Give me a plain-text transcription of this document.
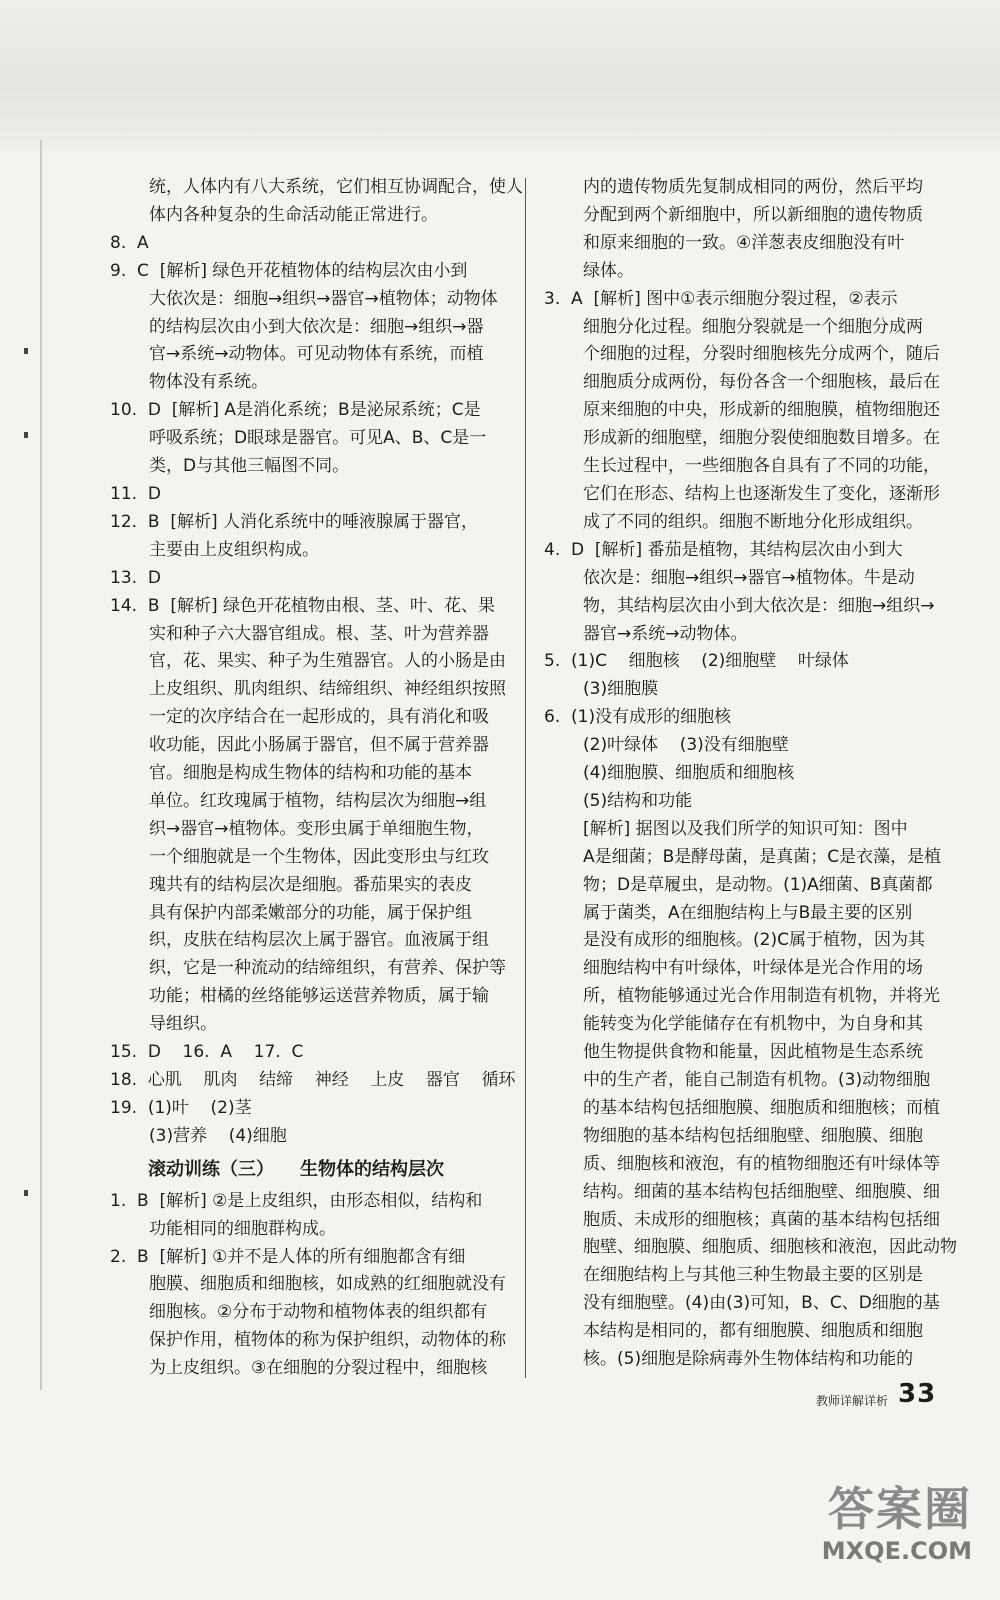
统，人体内有八大系统，它们相互协调配合，使人
体内各种复杂的生命活动能正常进行。
8.  A
9.  C  [解析] 绿色开花植物体的结构层次由小到
大依次是：细胞→组织→器官→植物体；动物体
的结构层次由小到大依次是：细胞→组织→器
官→系统→动物体。可见动物体有系统，而植
物体没有系统。
10.  D  [解析] A是消化系统；B是泌尿系统；C是
呼吸系统；D眼球是器官。可见A、B、C是一
类，D与其他三幅图不同。
11.  D
12.  B  [解析] 人消化系统中的唾液腺属于器官，
主要由上皮组织构成。
13.  D
14.  B  [解析] 绿色开花植物由根、茎、叶、花、果
实和种子六大器官组成。根、茎、叶为营养器
官，花、果实、种子为生殖器官。人的小肠是由
上皮组织、肌肉组织、结缔组织、神经组织按照
一定的次序结合在一起形成的，具有消化和吸
收功能，因此小肠属于器官，但不属于营养器
官。细胞是构成生物体的结构和功能的基本
单位。红玫瑰属于植物，结构层次为细胞→组
织→器官→植物体。变形虫属于单细胞生物，
一个细胞就是一个生物体，因此变形虫与红玫
瑰共有的结构层次是细胞。番茄果实的表皮
具有保护内部柔嫩部分的功能，属于保护组
织，皮肤在结构层次上属于器官。血液属于组
织，它是一种流动的结缔组织，有营养、保护等
功能；柑橘的丝络能够运送营养物质，属于输
导组织。
15.  D    16.  A    17.  C
18.  心肌    肌肉    结缔    神经    上皮    器官    循环
19.  (1)叶    (2)茎
(3)营养    (4)细胞
滚动训练（三） 生物体的结构层次
1.  B  [解析] ②是上皮组织，由形态相似，结构和
功能相同的细胞群构成。
2.  B  [解析] ①并不是人体的所有细胞都含有细
胞膜、细胞质和细胞核，如成熟的红细胞就没有
细胞核。②分布于动物和植物体表的组织都有
保护作用，植物体的称为保护组织，动物体的称
为上皮组织。③在细胞的分裂过程中，细胞核
内的遗传物质先复制成相同的两份，然后平均
分配到两个新细胞中，所以新细胞的遗传物质
和原来细胞的一致。④洋葱表皮细胞没有叶
绿体。
3.  A  [解析] 图中①表示细胞分裂过程，②表示
细胞分化过程。细胞分裂就是一个细胞分成两
个细胞的过程，分裂时细胞核先分成两个，随后
细胞质分成两份，每份各含一个细胞核，最后在
原来细胞的中央，形成新的细胞膜，植物细胞还
形成新的细胞壁，细胞分裂使细胞数目增多。在
生长过程中，一些细胞各自具有了不同的功能，
它们在形态、结构上也逐渐发生了变化，逐渐形
成了不同的组织。细胞不断地分化形成组织。
4.  D  [解析] 番茄是植物，其结构层次由小到大
依次是：细胞→组织→器官→植物体。牛是动
物，其结构层次由小到大依次是：细胞→组织→
器官→系统→动物体。
5.  (1)C    细胞核    (2)细胞壁    叶绿体
(3)细胞膜
6.  (1)没有成形的细胞核
(2)叶绿体    (3)没有细胞壁
(4)细胞膜、细胞质和细胞核
(5)结构和功能
[解析] 据图以及我们所学的知识可知：图中
A是细菌；B是酵母菌，是真菌；C是衣藻，是植
物；D是草履虫，是动物。(1)A细菌、B真菌都
属于菌类，A在细胞结构上与B最主要的区别
是没有成形的细胞核。(2)C属于植物，因为其
细胞结构中有叶绿体，叶绿体是光合作用的场
所，植物能够通过光合作用制造有机物，并将光
能转变为化学能储存在有机物中，为自身和其
他生物提供食物和能量，因此植物是生态系统
中的生产者，能自己制造有机物。(3)动物细胞
的基本结构包括细胞膜、细胞质和细胞核；而植
物细胞的基本结构包括细胞壁、细胞膜、细胞
质、细胞核和液泡，有的植物细胞还有叶绿体等
结构。细菌的基本结构包括细胞壁、细胞膜、细
胞质、未成形的细胞核；真菌的基本结构包括细
胞壁、细胞膜、细胞质、细胞核和液泡，因此动物
在细胞结构上与其他三种生物最主要的区别是
没有细胞壁。(4)由(3)可知，B、C、D细胞的基
本结构是相同的，都有细胞膜、细胞质和细胞
核。(5)细胞是除病毒外生物体结构和功能的
教师详解详析 33
答案圈
MXQE.COM
